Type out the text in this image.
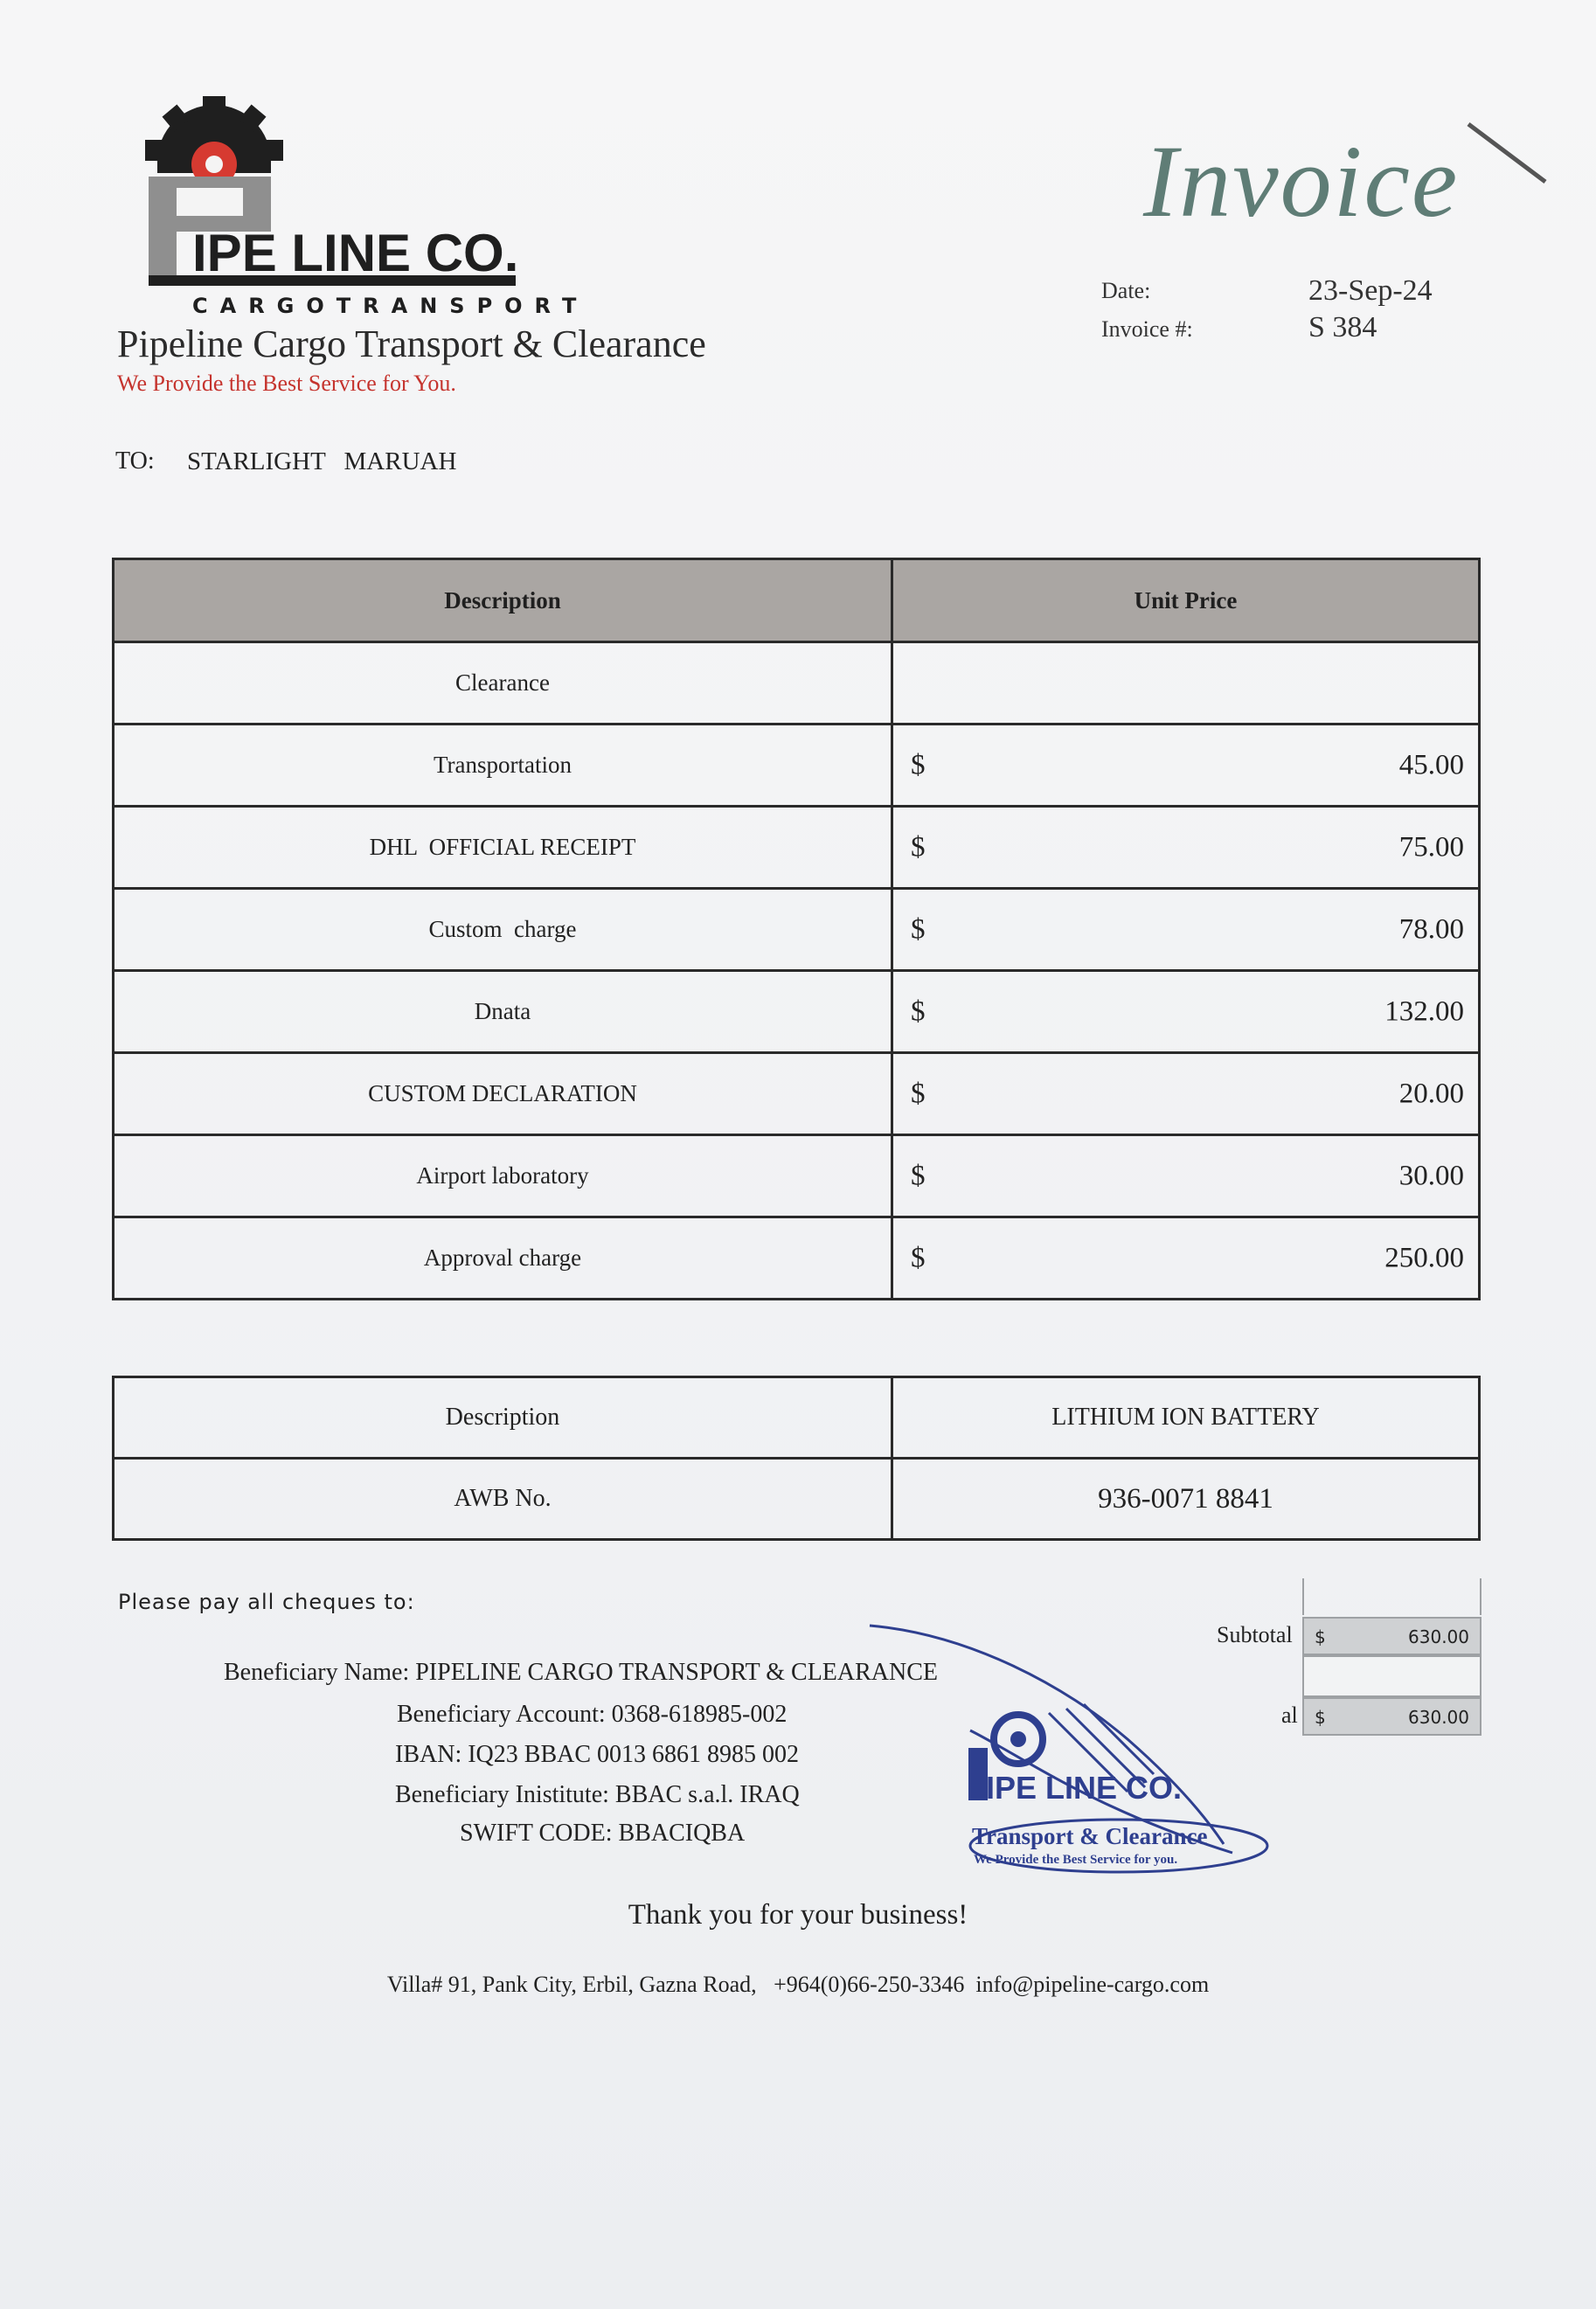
IPE LINE CO.
CARGOTRANSPORT
Pipeline Cargo Transport & Clearance
We Provide the Best Service for You.
Invoice
Date:	23-Sep-24
Invoice #:	S 384
TO: STARLIGHT MARUAH
Description	Unit Price
Clearance	

Transportation	$ 45.00

DHL  OFFICIAL RECEIPT	$ 75.00

Custom  charge	$ 78.00

Dnata	$ 132.00

CUSTOM DECLARATION	$ 20.00

Airport laboratory	$ 30.00

Approval charge	$ 250.00
Description	LITHIUM ION BATTERY
AWB No.	936-0071 8841
Please pay all cheques to:
Beneficiary Name: PIPELINE CARGO TRANSPORT & CLEARANCE
Beneficiary Account: 0368-618985-002
IBAN: IQ23 BBAC 0013 6861 8985 002
Beneficiary Inistitute: BBAC s.a.l. IRAQ
SWIFT CODE: BBACIQBA
Subtotal $	630.00
al $	630.00
IPE LINE CO.
Transport & Clearance
We Provide the Best Service for you.
Thank you for your business!
Villa# 91, Pank City, Erbil, Gazna Road, +964(0)66-250-3346 info@pipeline-cargo.com
